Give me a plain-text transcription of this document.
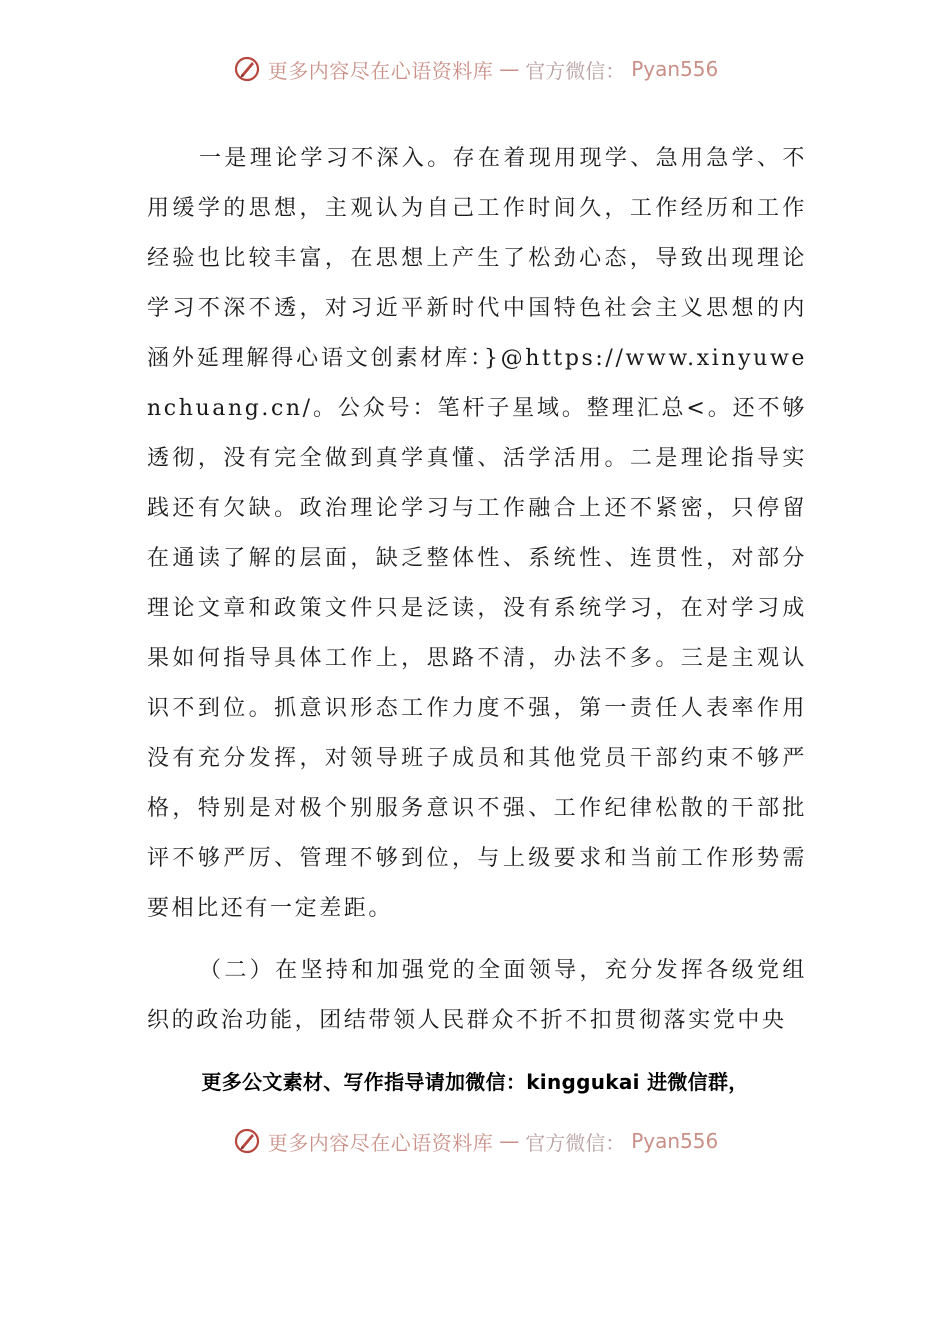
更多内容尽在心语资料库 — 官方微信： Pyan556

一是理论学习不深入。存在着现用现学、急用急学、不用缓学的思想，主观认为自己工作时间久，工作经历和工作经验也比较丰富，在思想上产生了松劲心态，导致出现理论学习不深不透，对习近平新时代中国特色社会主义思想的内涵外延理解得心语文创素材库：}@https://www.xinyuwenchuang.cn/。公众号：笔杆子星域。整理汇总<。还不够透彻，没有完全做到真学真懂、活学活用。二是理论指导实践还有欠缺。政治理论学习与工作融合上还不紧密，只停留在通读了解的层面，缺乏整体性、系统性、连贯性，对部分理论文章和政策文件只是泛读，没有系统学习，在对学习成果如何指导具体工作上，思路不清，办法不多。三是主观认识不到位。抓意识形态工作力度不强，第一责任人表率作用没有充分发挥，对领导班子成员和其他党员干部约束不够严格，特别是对极个别服务意识不强、工作纪律松散的干部批评不够严厉、管理不够到位，与上级要求和当前工作形势需要相比还有一定差距。

（二）在坚持和加强党的全面领导，充分发挥各级党组织的政治功能，团结带领人民群众不折不扣贯彻落实党中央

更多公文素材、写作指导请加微信：kinggukai 进微信群，
更多内容尽在心语资料库 — 官方微信： Pyan556
